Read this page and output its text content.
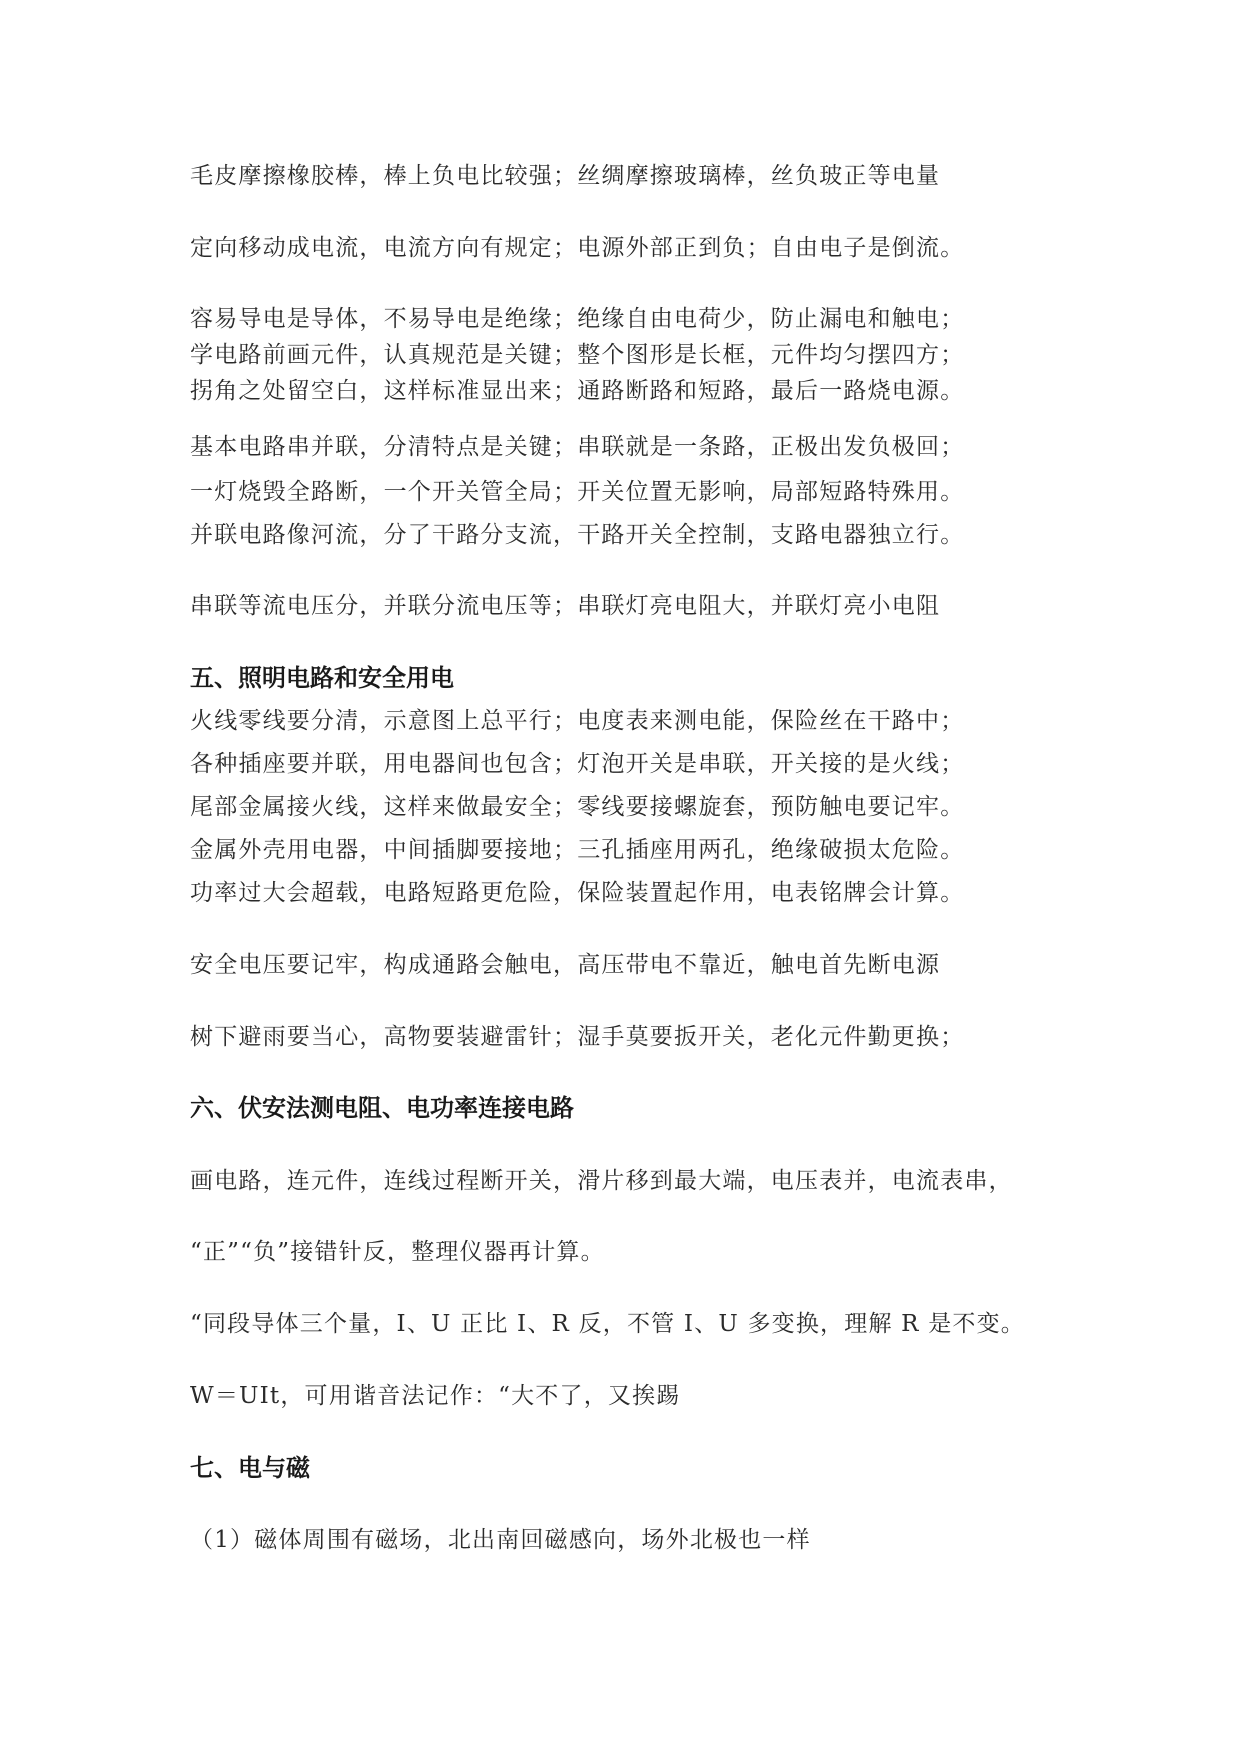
毛皮摩擦橡胶棒，棒上负电比较强；丝绸摩擦玻璃棒，丝负玻正等电量
定向移动成电流，电流方向有规定；电源外部正到负；自由电子是倒流。
容易导电是导体，不易导电是绝缘；绝缘自由电荷少，防止漏电和触电；
学电路前画元件，认真规范是关键；整个图形是长框，元件均匀摆四方；
拐角之处留空白，这样标准显出来；通路断路和短路，最后一路烧电源。
基本电路串并联，分清特点是关键；串联就是一条路，正极出发负极回；
一灯烧毁全路断，一个开关管全局；开关位置无影响，局部短路特殊用。
并联电路像河流，分了干路分支流，干路开关全控制，支路电器独立行。
串联等流电压分，并联分流电压等；串联灯亮电阻大，并联灯亮小电阻
五、照明电路和安全用电
火线零线要分清，示意图上总平行；电度表来测电能，保险丝在干路中；
各种插座要并联，用电器间也包含；灯泡开关是串联，开关接的是火线；
尾部金属接火线，这样来做最安全；零线要接螺旋套，预防触电要记牢。
金属外壳用电器，中间插脚要接地；三孔插座用两孔，绝缘破损太危险。
功率过大会超载，电路短路更危险，保险装置起作用，电表铭牌会计算。
安全电压要记牢，构成通路会触电，高压带电不靠近，触电首先断电源
树下避雨要当心，高物要装避雷针；湿手莫要扳开关，老化元件勤更换；
六、伏安法测电阻、电功率连接电路
画电路，连元件，连线过程断开关，滑片移到最大端，电压表并，电流表串，
“正”“负”接错针反，整理仪器再计算。
“同段导体三个量，I、U 正比 I、R 反，不管 I、U 多变换，理解 R 是不变。
W＝UIt，可用谐音法记作：“大不了，又挨踢
七、电与磁
（1）磁体周围有磁场，北出南回磁感向，场外北极也一样
